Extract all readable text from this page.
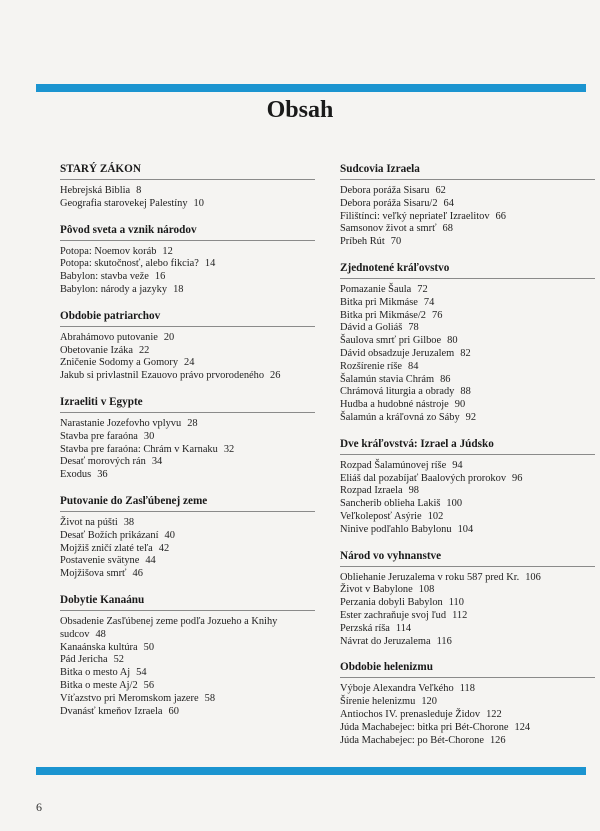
Obsah
STARÝ ZÁKON
Hebrejská Biblia 8
Geografia starovekej Palestíny 10
Pôvod sveta a vznik národov
Potopa: Noemov koráb 12
Potopa: skutočnosť, alebo fikcia? 14
Babylon: stavba veže 16
Babylon: národy a jazyky 18
Obdobie patriarchov
Abrahámovo putovanie 20
Obetovanie Izáka 22
Zničenie Sodomy a Gomory 24
Jakub si privlastnil Ezauovo právo prvorodeného 26
Izraeliti v Egypte
Narastanie Jozefovho vplyvu 28
Stavba pre faraóna 30
Stavba pre faraóna: Chrám v Karnaku 32
Desať morových rán 34
Exodus 36
Putovanie do Zasľúbenej zeme
Život na púšti 38
Desať Božích prikázaní 40
Mojžiš zničí zlaté teľa 42
Postavenie svätyne 44
Mojžišova smrť 46
Dobytie Kanaánu
Obsadenie Zasľúbenej zeme podľa Jozueho a Knihy sudcov 48
Kanaánska kultúra 50
Pád Jericha 52
Bitka o mesto Aj 54
Bitka o meste Aj/2 56
Víťazstvo pri Meromskom jazere 58
Dvanásť kmeňov Izraela 60
Sudcovia Izraela
Debora poráža Sisaru 62
Debora poráža Sisaru/2 64
Filištínci: veľký nepriateľ Izraelitov 66
Samsonov život a smrť 68
Príbeh Rút 70
Zjednotené kráľovstvo
Pomazanie Šaula 72
Bitka pri Mikmáse 74
Bitka pri Mikmáse/2 76
Dávid a Goliáš 78
Šaulova smrť pri Gilboe 80
Dávid obsadzuje Jeruzalem 82
Rozšírenie ríše 84
Šalamún stavia Chrám 86
Chrámová liturgia a obrady 88
Hudba a hudobné nástroje 90
Šalamún a kráľovná zo Sáby 92
Dve kráľovstvá: Izrael a Júdsko
Rozpad Šalamúnovej ríše 94
Eliáš dal pozabíjať Baalových prorokov 96
Rozpad Izraela 98
Sancherib oblieha Lakiš 100
Veľkoleposť Asýrie 102
Ninive podľahlo Babylonu 104
Národ vo vyhnanstve
Obliehanie Jeruzalema v roku 587 pred Kr. 106
Život v Babylone 108
Perzania dobyli Babylon 110
Ester zachraňuje svoj ľud 112
Perzská ríša 114
Návrat do Jeruzalema 116
Obdobie helenizmu
Výboje Alexandra Veľkého 118
Šírenie helenizmu 120
Antiochos IV. prenasleduje Židov 122
Júda Machabejec: bitka pri Bét-Chorone 124
Júda Machabejec: po Bét-Chorone 126
6
